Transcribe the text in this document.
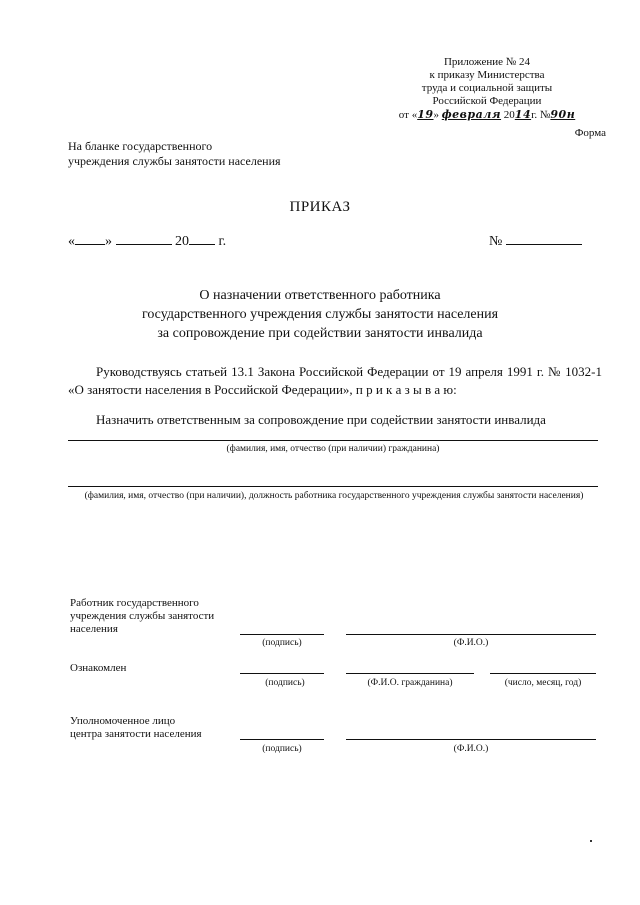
Приложение № 24
к приказу Министерства
труда и социальной защиты
Российской Федерации
от «19» февраля 2014г. №90н
Форма
На бланке государственного
учреждения службы занятости населения
ПРИКАЗ
« »	20 г.	№
О назначении ответственного работника
государственного учреждения службы занятости населения
за сопровождение при содействии занятости инвалида
Руководствуясь статьей 13.1 Закона Российской Федерации от 19 апреля 1991 г. № 1032-1 «О занятости населения в Российской Федерации», п р и к а з ы в а ю:
Назначить ответственным за сопровождение при содействии занятости инвалида
(фамилия, имя, отчество (при наличии) гражданина)
(фамилия, имя, отчество (при наличии), должность работника государственного учреждения службы занятости населения)
Работник государственного
учреждения службы занятости
населения
(подпись)	(Ф.И.О.)
Ознакомлен
(подпись)	(Ф.И.О. гражданина)	(число, месяц, год)
Уполномоченное лицо
центра занятости населения
(подпись)	(Ф.И.О.)
